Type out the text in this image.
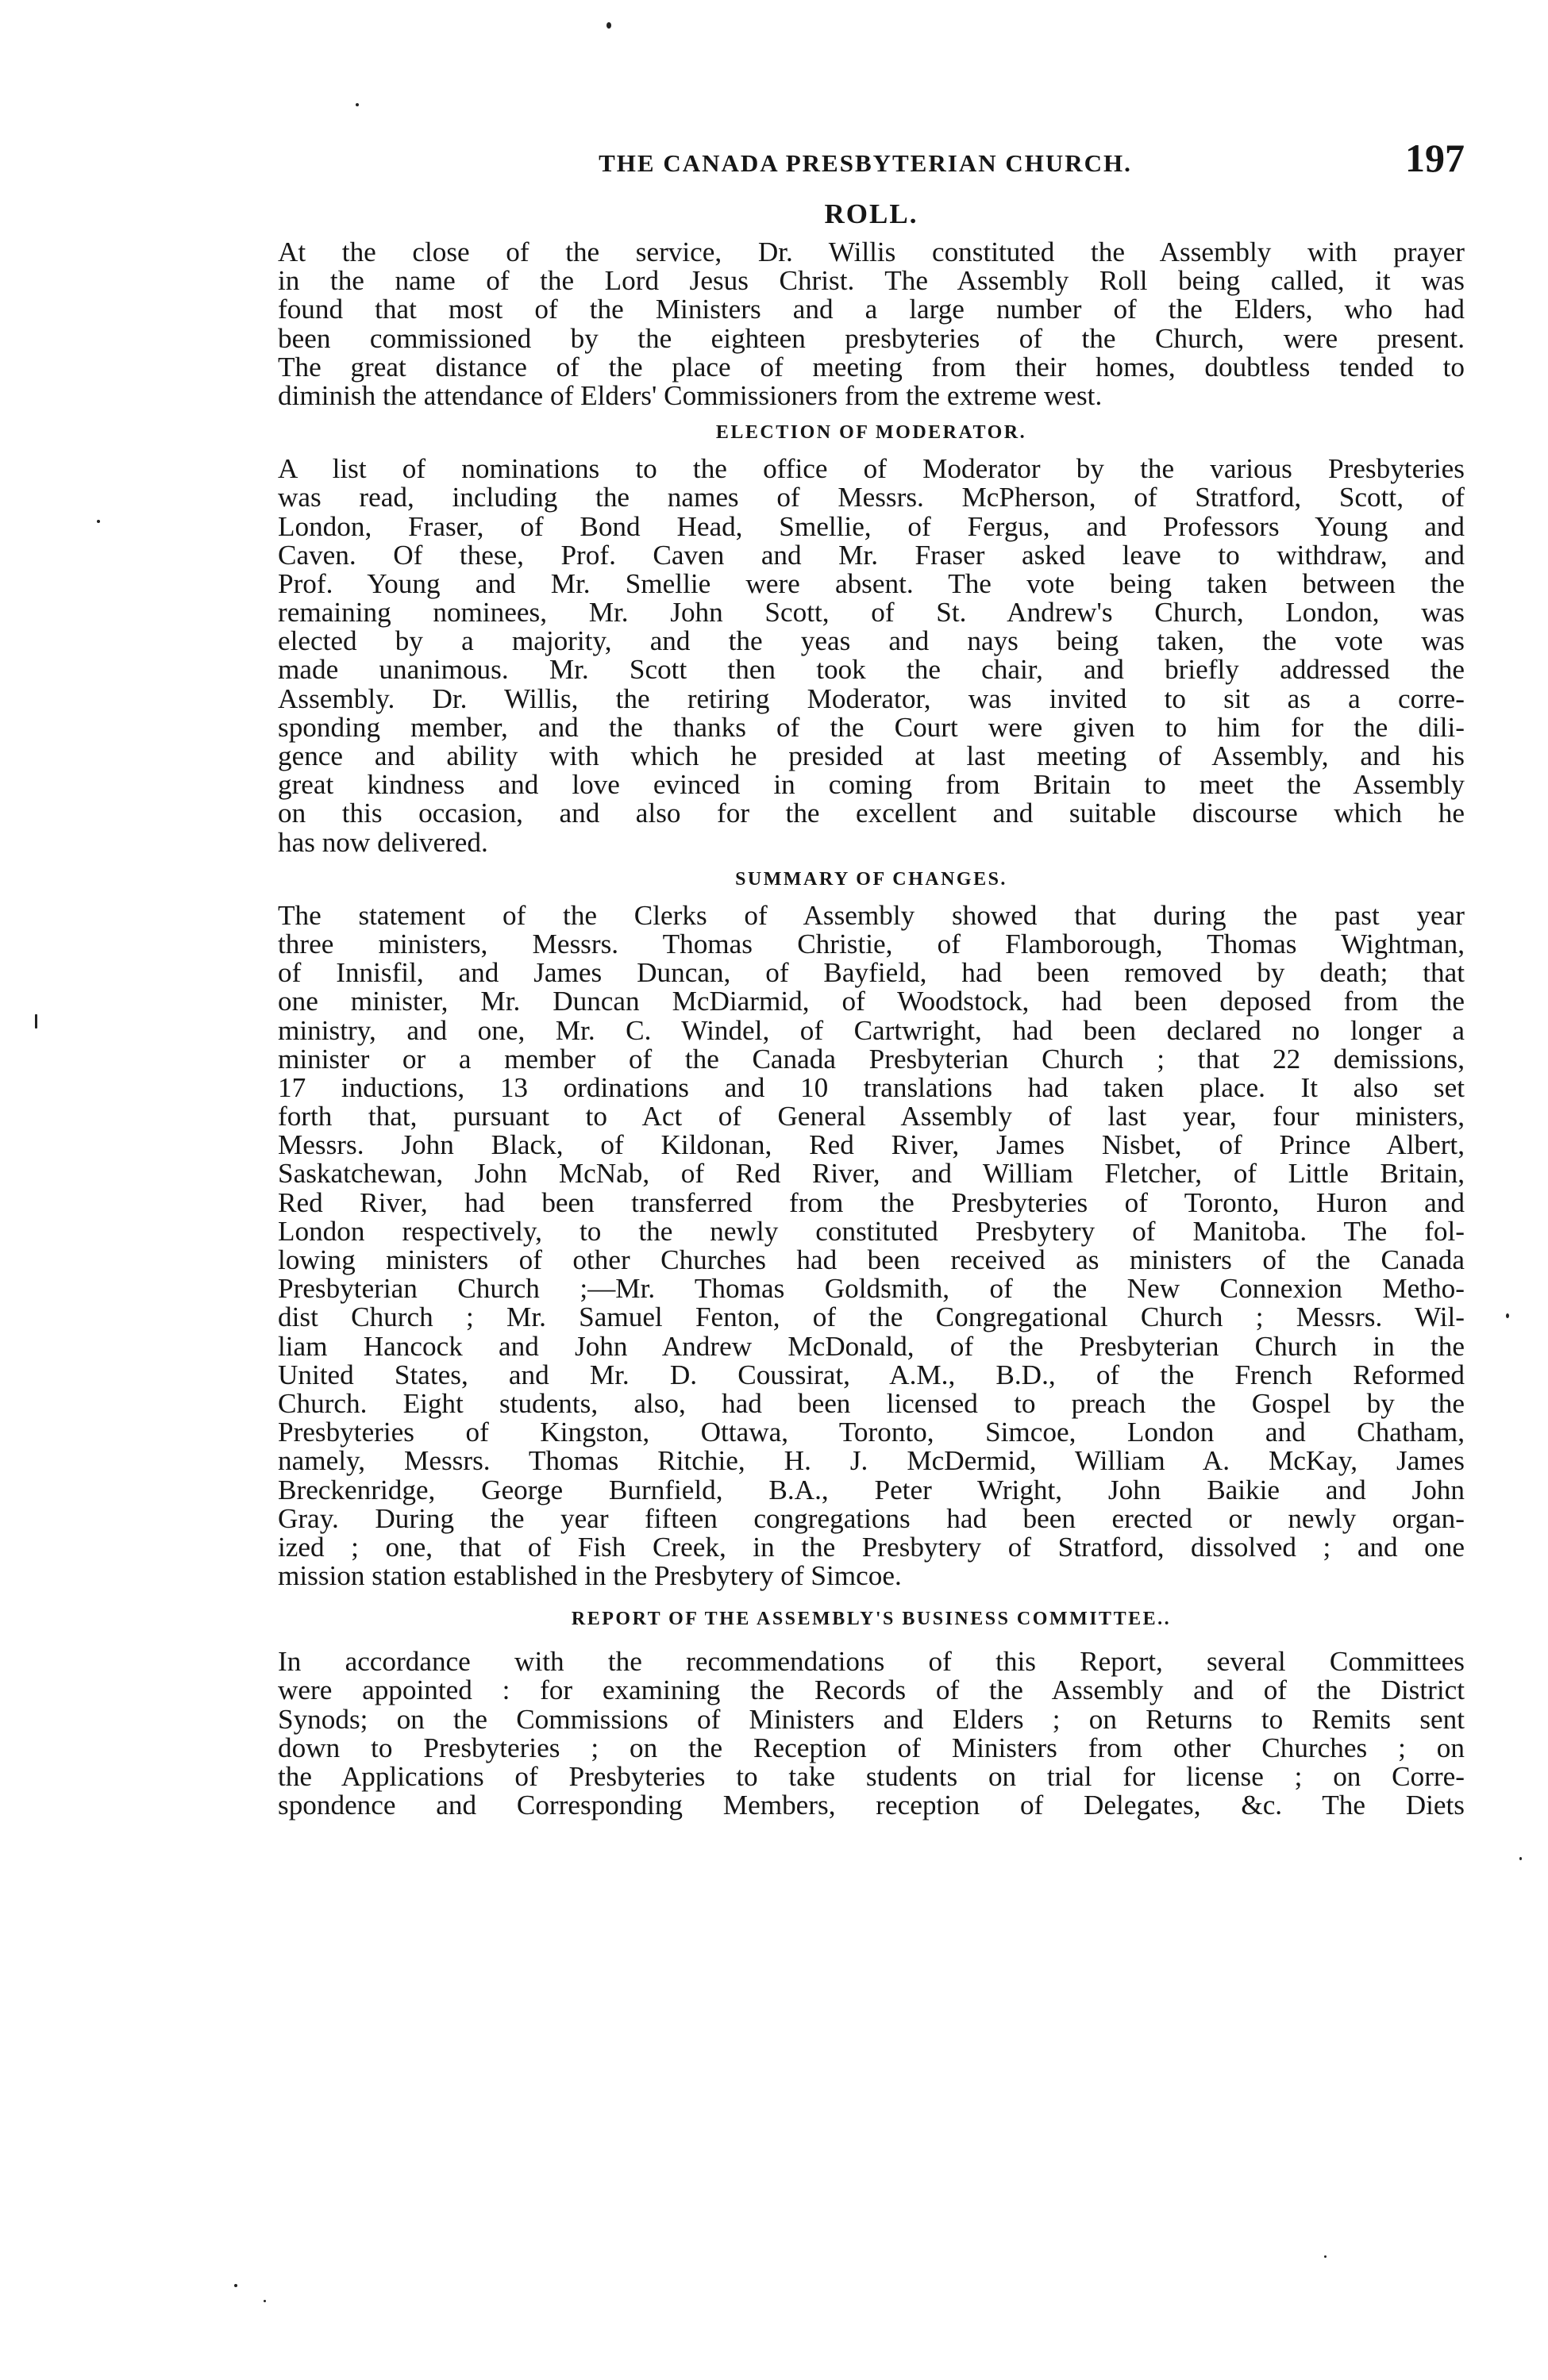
THE CANADA PRESBYTERIAN CHURCH.	197
ROLL.
At the close of the service, Dr. Willis constituted the Assembly with prayer
in the name of the Lord Jesus Christ. The Assembly Roll being called, it was
found that most of the Ministers and a large number of the Elders, who had
been commissioned by the eighteen presbyteries of the Church, were present.
The great distance of the place of meeting from their homes, doubtless tended to
diminish the attendance of Elders' Commissioners from the extreme west.
ELECTION OF MODERATOR.
A list of nominations to the office of Moderator by the various Presbyteries
was read, including the names of Messrs. McPherson, of Stratford, Scott, of
London, Fraser, of Bond Head, Smellie, of Fergus, and Professors Young and
Caven. Of these, Prof. Caven and Mr. Fraser asked leave to withdraw, and
Prof. Young and Mr. Smellie were absent. The vote being taken between the
remaining nominees, Mr. John Scott, of St. Andrew's Church, London, was
elected by a majority, and the yeas and nays being taken, the vote was
made unanimous. Mr. Scott then took the chair, and briefly addressed the
Assembly. Dr. Willis, the retiring Moderator, was invited to sit as a corre-
sponding member, and the thanks of the Court were given to him for the dili-
gence and ability with which he presided at last meeting of Assembly, and his
great kindness and love evinced in coming from Britain to meet the Assembly
on this occasion, and also for the excellent and suitable discourse which he
has now delivered.
SUMMARY OF CHANGES.
The statement of the Clerks of Assembly showed that during the past year
three ministers, Messrs. Thomas Christie, of Flamborough, Thomas Wightman,
of Innisfil, and James Duncan, of Bayfield, had been removed by death; that
one minister, Mr. Duncan McDiarmid, of Woodstock, had been deposed from the
ministry, and one, Mr. C. Windel, of Cartwright, had been declared no longer a
minister or a member of the Canada Presbyterian Church ; that 22 demissions,
17 inductions, 13 ordinations and 10 translations had taken place. It also set
forth that, pursuant to Act of General Assembly of last year, four ministers,
Messrs. John Black, of Kildonan, Red River, James Nisbet, of Prince Albert,
Saskatchewan, John McNab, of Red River, and William Fletcher, of Little Britain,
Red River, had been transferred from the Presbyteries of Toronto, Huron and
London respectively, to the newly constituted Presbytery of Manitoba. The fol-
lowing ministers of other Churches had been received as ministers of the Canada
Presbyterian Church ;—Mr. Thomas Goldsmith, of the New Connexion Metho-
dist Church ; Mr. Samuel Fenton, of the Congregational Church ; Messrs. Wil-
liam Hancock and John Andrew McDonald, of the Presbyterian Church in the
United States, and Mr. D. Coussirat, A.M., B.D., of the French Reformed
Church. Eight students, also, had been licensed to preach the Gospel by the
Presbyteries of Kingston, Ottawa, Toronto, Simcoe, London and Chatham,
namely, Messrs. Thomas Ritchie, H. J. McDermid, William A. McKay, James
Breckenridge, George Burnfield, B.A., Peter Wright, John Baikie and John
Gray. During the year fifteen congregations had been erected or newly organ-
ized ; one, that of Fish Creek, in the Presbytery of Stratford, dissolved ; and one
mission station established in the Presbytery of Simcoe.
REPORT OF THE ASSEMBLY'S BUSINESS COMMITTEE..
In accordance with the recommendations of this Report, several Committees
were appointed : for examining the Records of the Assembly and of the District
Synods; on the Commissions of Ministers and Elders ; on Returns to Remits sent
down to Presbyteries ; on the Reception of Ministers from other Churches ; on
the Applications of Presbyteries to take students on trial for license ; on Corre-
spondence and Corresponding Members, reception of Delegates, &c. The Diets
